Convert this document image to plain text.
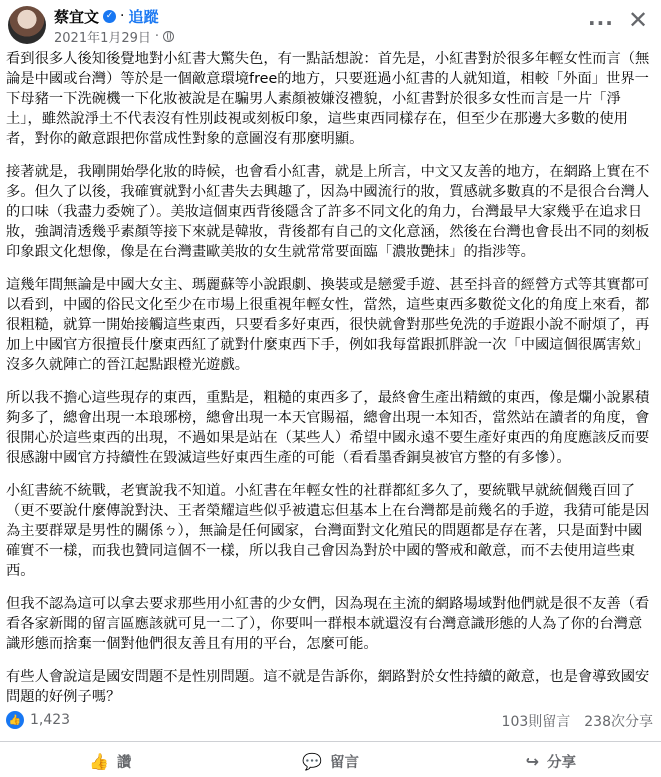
蔡宜文 ✓ · 追蹤
2021年1月29日 ·
··· ✕

看到很多人後知後覺地對小紅書大驚失色，有一點話想說：首先是，小紅書對於很多年輕女性而言（無論是中國或台灣）等於是一個敵意環境free的地方，只要逛過小紅書的人就知道，相較「外面」世界一下母豬一下洗碗機一下化妝被說是在騙男人素顏被嫌沒禮貌，小紅書對於很多女性而言是一片「淨土」，雖然說淨土不代表沒有性別歧視或刻板印象，這些東西同樣存在，但至少在那邊大多數的使用者，對你的敵意跟把你當成性對象的意圖沒有那麼明顯。

接著就是，我剛開始學化妝的時候，也會看小紅書，就是上所言，中文又友善的地方，在網路上實在不多。但久了以後，我確實就對小紅書失去興趣了，因為中國流行的妝，質感就多數真的不是很合台灣人的口味（我盡力委婉了）。美妝這個東西背後隱含了許多不同文化的角力，台灣最早大家幾乎在追求日妝，強調清透幾乎素顏等接下來就是韓妝，背後都有自己的文化意涵，然後在台灣也會長出不同的刻板印象跟文化想像，像是在台灣畫歐美妝的女生就常常要面臨「濃妝艷抹」的指涉等。

這幾年間無論是中國大女主、瑪麗蘇等小說跟劇、換裝或是戀愛手遊、甚至抖音的經營方式等其實都可以看到，中國的俗民文化至少在市場上很重視年輕女性，當然，這些東西多數從文化的角度上來看，都很粗糙，就算一開始接觸這些東西，只要看多好東西，很快就會對那些免洗的手遊跟小說不耐煩了，再加上中國官方很擅長什麼東西紅了就對什麼東西下手，例如我每當跟抓胖說一次「中國這個很厲害欸」沒多久就陣亡的晉江起點跟橙光遊戲。

所以我不擔心這些現存的東西，重點是，粗糙的東西多了，最終會生產出精緻的東西，像是爛小說累積夠多了，總會出現一本琅琊榜，總會出現一本天官賜福，總會出現一本知否，當然站在讀者的角度，會很開心於這些東西的出現，不過如果是站在（某些人）希望中國永遠不要生產好東西的角度應該反而要很感謝中國官方持續性在毀滅這些好東西生產的可能（看看墨香銅臭被官方整的有多慘）。

小紅書統不統戰，老實說我不知道。小紅書在年輕女性的社群都紅多久了，要統戰早就統個幾百回了（更不要說什麼傳說對決、王者榮耀這些似乎被遺忘但基本上在台灣都是前幾名的手遊，我猜可能是因為主要群眾是男性的關係ㄅ），無論是任何國家，台灣面對文化殖民的問題都是存在著，只是面對中國確實不一樣，而我也贊同這個不一樣，所以我自己會因為對於中國的警戒和敵意，而不去使用這些東西。

但我不認為這可以拿去要求那些用小紅書的少女們，因為現在主流的網路場域對他們就是很不友善（看看各家新聞的留言區應該就可見一二了），你要叫一群根本就還沒有台灣意識形態的人為了你的台灣意識形態而捨棄一個對他們很友善且有用的平台，怎麼可能。

有些人會說這是國安問題不是性別問題。這不就是告訴你，網路對於女性持續的敵意，也是會導致國安問題的好例子嗎？

👍 1,423	103則留言 238次分享
👍 讚	💬 留言	↪ 分享
